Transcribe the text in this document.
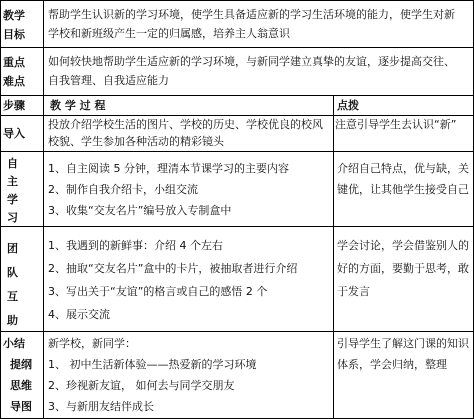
教学
目标
帮助学生认识新的学习环境，使学生具备适应新的学习生活环境的能力，使学生对新
学校和新班级产生一定的归属感，培养主人翁意识
重点
难点
如何较快地帮助学生适应新的学习环境，与新同学建立真挚的友谊，逐步提高交往、
自我管理、自我适应能力
步骤 教 学 过 程	点拨
导入
投放介绍学校生活的图片、学校的历史、学校优良的校风
校貌、学生参加各种活动的精彩镜头
注意引导学生去认识“新”
自
主
学
习
1、自主阅读 5 分钟，理清本节课学习的主要内容
2、制作自我介绍卡，小组交流
3、收集“交友名片”编号放入专制盒中
介绍自己特点，优与缺，关
键优，让其他学生接受自己
团
队
互
助
1、我遇到的新鲜事：介绍 4 个左右
2、抽取“交友名片”盒中的卡片，被抽取者进行介绍
3、写出关于“友谊”的格言或自己的感悟 2 个
4、展示交流
学会讨论，学会借鉴别人的
好的方面，要勤于思考，敢
于发言
小结
提纲
思维
导图
新学校，新同学：
1、 初中生活新体验——热爱新的学习环境
2、珍视新友谊， 如何去与同学交朋友
3、与新朋友结伴成长
引导学生了解这门课的知识
体系，学会归纳，整理
